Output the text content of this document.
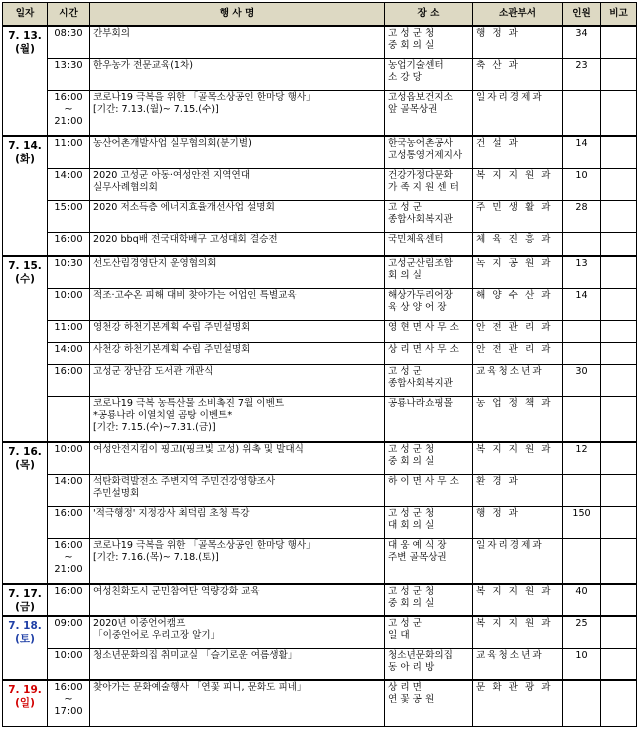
일자	시간	행 사 명	장 소	소관부서	인원	비고

7. 13.
(월)	08:30	간부회의	고 성 군 청
중 회 의 실	행 정 과	34	

	13:30	한우농가 전문교육(1차)	농업기술센터
소 강 당	축 산 과	23	

	16:00
~
21:00	코로나19 극복을 위한 「골목소상공인 한마당 행사」
[기간: 7.13.(월)~ 7.15.(수)]	고성읍보건지소
앞 골목상권	일자리경제과		

7. 14.
(화)	11:00	농산어촌개발사업 실무협의회(분기별)	한국농어촌공사
고성통영거제지사	건 설 과	14	

	14:00	2020 고성군 아동·여성안전 지역연대
실무사례협의회	건강가정다문화
가 족 지 원 센 터	복 지 지 원 과	10	

	15:00	2020 저소득층 에너지효율개선사업 설명회	고 성 군
종합사회복지관	주 민 생 활 과	28	

	16:00	2020 bbq배 전국대학배구 고성대회 결승전	국민체육센터	체 육 진 흥 과		

7. 15.
(수)	10:30	선도산림경영단지 운영협의회	고성군산림조합
회 의 실	녹 지 공 원 과	13	

	10:00	적조·고수온 피해 대비 찾아가는 어업인 특별교육	해상가두리어장
육 상 양 어 장	해 양 수 산 과	14	

	11:00	영천강 하천기본계획 수립 주민설명회	영 현 면 사 무 소	안 전 관 리 과		

	14:00	사천강 하천기본계획 수립 주민설명회	상 리 면 사 무 소	안 전 관 리 과		

	16:00	고성군 장난감 도서관 개관식	고 성 군
종합사회복지관	교육청소년과	30	

		코로나19 극복 농특산물 소비촉진 7월 이벤트
*공룡나라 이열치열 곰탕 이벤트*
[기간: 7.15.(수)~7.31.(금)]	공룡나라쇼핑몰	농 업 정 책 과		

7. 16.
(목)	10:00	여성안전지킴이 핑고I(핑크빛 고성) 위촉 및 발대식	고 성 군 청
중 회 의 실	복 지 지 원 과	12	

	14:00	석탄화력발전소 주변지역 주민건강영향조사
주민설명회	하 이 면 사 무 소	환 경 과		

	16:00	'적극행정' 지정강사 최덕림 초청 특강	고 성 군 청
대 회 의 실	행 정 과	150	

	16:00
~
21:00	코로나19 극복을 위한 「골목소상공인 한마당 행사」
[기간: 7.16.(목)~ 7.18.(토)]	대 웅 예 식 장
주변 골목상권	일자리경제과		

7. 17.
(금)	16:00	여성친화도시 군민참여단 역량강화 교육	고 성 군 청
중 회 의 실	복 지 지 원 과	40	

7. 18.
(토)	09:00	2020년 이중언어캠프
「이중언어로 우리고장 알기」	고 성 군
일 대	복 지 지 원 과	25	

	10:00	청소년문화의집 취미교실 「슬기로운 여름생활」	청소년문화의집
동 아 리 방	교육청소년과	10	

7. 19.
(일)	16:00
~
17:00	찾아가는 문화예술행사 「연꽃 피니, 문화도 피네」	상 리 면
연 꽃 공 원	문 화 관 광 과		
